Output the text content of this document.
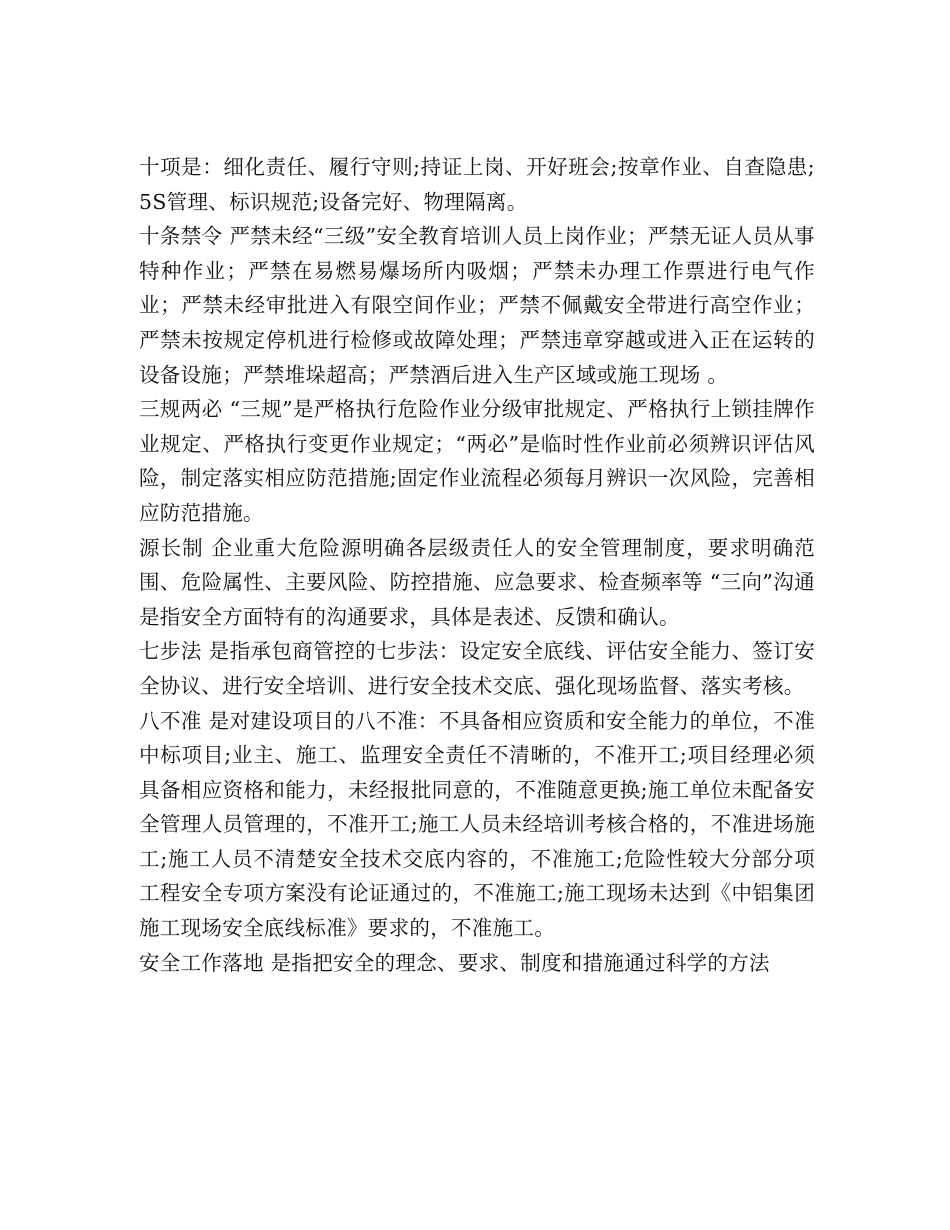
十项是：细化责任、履行守则;持证上岗、开好班会;按章作业、自查隐患;5S管理、标识规范;设备完好、物理隔离。

十条禁令 严禁未经“三级”安全教育培训人员上岗作业；严禁无证人员从事特种作业；严禁在易燃易爆场所内吸烟；严禁未办理工作票进行电气作业；严禁未经审批进入有限空间作业；严禁不佩戴安全带进行高空作业；严禁未按规定停机进行检修或故障处理；严禁违章穿越或进入正在运转的设备设施；严禁堆垛超高；严禁酒后进入生产区域或施工现场 。

三规两必 “三规”是严格执行危险作业分级审批规定、严格执行上锁挂牌作业规定、严格执行变更作业规定；“两必”是临时性作业前必须辨识评估风险，制定落实相应防范措施;固定作业流程必须每月辨识一次风险，完善相应防范措施。

源长制 企业重大危险源明确各层级责任人的安全管理制度，要求明确范围、危险属性、主要风险、防控措施、应急要求、检查频率等 “三向”沟通 是指安全方面特有的沟通要求，具体是表述、反馈和确认。

七步法 是指承包商管控的七步法：设定安全底线、评估安全能力、签订安全协议、进行安全培训、进行安全技术交底、强化现场监督、落实考核。

八不准 是对建设项目的八不准：不具备相应资质和安全能力的单位，不准中标项目;业主、施工、监理安全责任不清晰的，不准开工;项目经理必须具备相应资格和能力，未经报批同意的，不准随意更换;施工单位未配备安全管理人员管理的，不准开工;施工人员未经培训考核合格的，不准进场施工;施工人员不清楚安全技术交底内容的，不准施工;危险性较大分部分项工程安全专项方案没有论证通过的，不准施工;施工现场未达到《中铝集团施工现场安全底线标准》要求的，不准施工。

安全工作落地 是指把安全的理念、要求、制度和措施通过科学的方法
